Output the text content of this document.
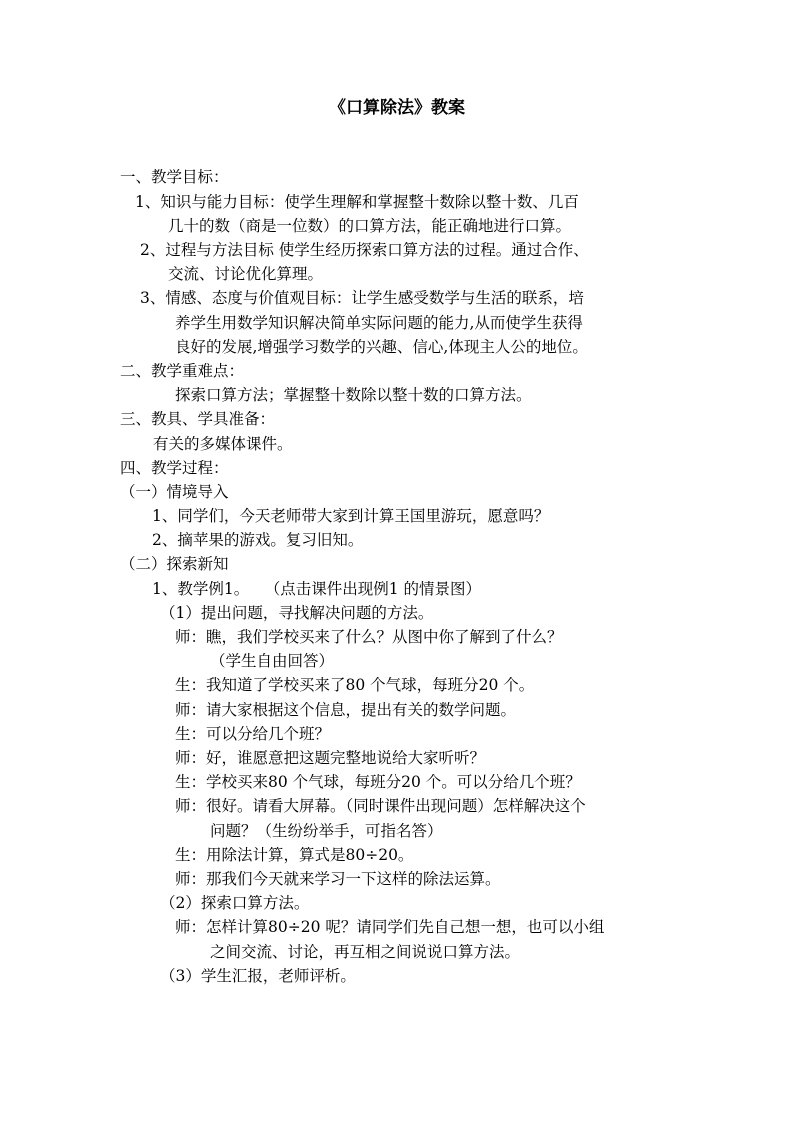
《口算除法》教案
一、教学目标：
1、知识与能力目标：使学生理解和掌握整十数除以整十数、几百
几十的数（商是一位数）的口算方法，能正确地进行口算。
2、过程与方法目标 使学生经历探索口算方法的过程。通过合作、
交流、讨论优化算理。
3、情感、态度与价值观目标：让学生感受数学与生活的联系，培
养学生用数学知识解决简单实际问题的能力,从而使学生获得
良好的发展,增强学习数学的兴趣、信心,体现主人公的地位。
二、教学重难点：
探索口算方法；掌握整十数除以整十数的口算方法。
三、教具、学具准备：
有关的多媒体课件。
四、教学过程：
（一）情境导入
1、同学们，今天老师带大家到计算王国里游玩，愿意吗？
2、摘苹果的游戏。复习旧知。
（二）探索新知
1、教学例1。　　（点击课件出现例1 的情景图）
（1）提出问题，寻找解决问题的方法。
师：瞧，我们学校买来了什么？从图中你了解到了什么？
（学生自由回答）
生：我知道了学校买来了80 个气球，每班分20 个。
师：请大家根据这个信息，提出有关的数学问题。
生：可以分给几个班？
师：好，谁愿意把这题完整地说给大家听听？
生：学校买来80 个气球，每班分20 个。可以分给几个班？
师：很好。请看大屏幕。（同时课件出现问题）怎样解决这个
问题？（生纷纷举手，可指名答）
生：用除法计算，算式是80÷20。
师：那我们今天就来学习一下这样的除法运算。
（2）探索口算方法。
师：怎样计算80÷20 呢？请同学们先自己想一想，也可以小组
之间交流、讨论，再互相之间说说口算方法。
（3）学生汇报，老师评析。
